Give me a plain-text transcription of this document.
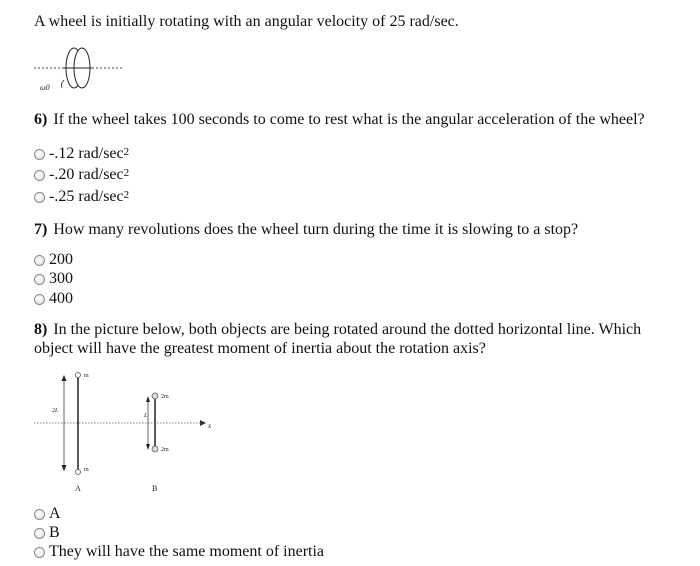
A wheel is initially rotating with an angular velocity of 25 rad/sec.
ω0
6) If the wheel takes 100 seconds to come to rest what is the angular acceleration of the wheel?
-.12 rad/$\sec^2$
-.20 rad/$\sec^2$
-.25 rad/$\sec^2$
7) How many revolutions does the wheel turn during the time it is slowing to a stop?
200
300
400
8) In the picture below, both objects are being rotated around the dotted horizontal line. Which
object will have the greatest moment of inertia about the rotation axis?
x
m
m
2L
A
2m
2m
L
B
A
B
They will have the same moment of inertia
